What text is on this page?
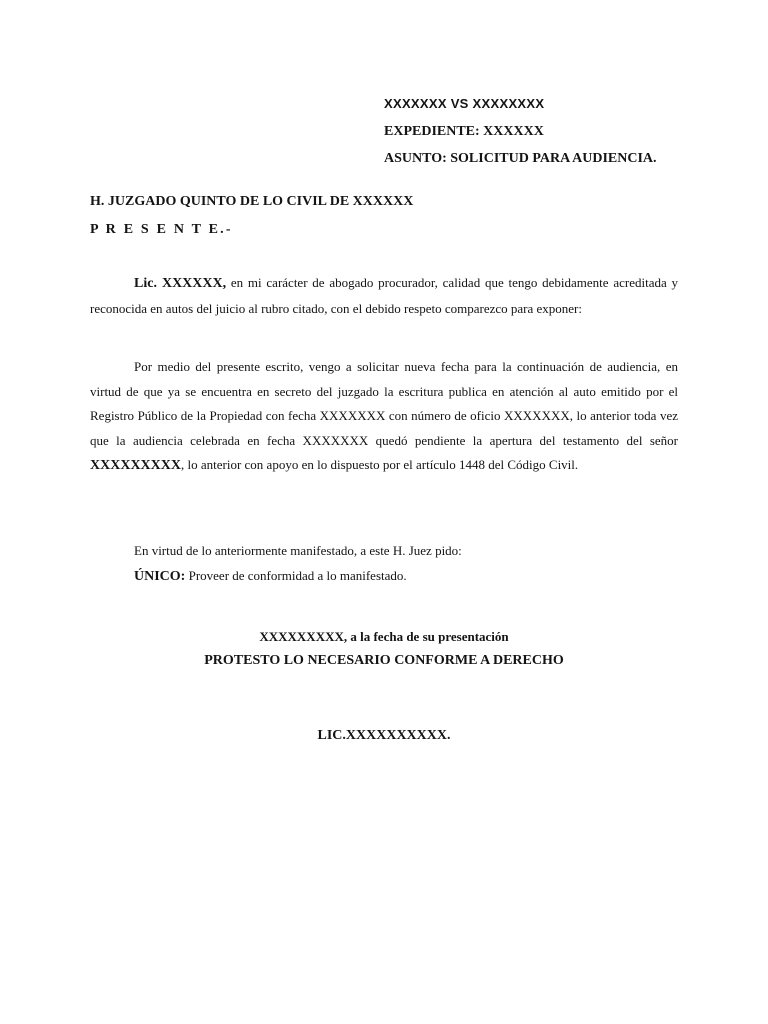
XXXXXXX VS XXXXXXXX
EXPEDIENTE: XXXXXX
ASUNTO: SOLICITUD PARA AUDIENCIA.
H. JUZGADO QUINTO DE LO CIVIL DE XXXXXX
P R E S E N T E.-

Lic. XXXXXX, en mi carácter de abogado procurador, calidad que tengo debidamente acreditada y reconocida en autos del juicio al rubro citado, con el debido respeto comparezco para exponer:

Por medio del presente escrito, vengo a solicitar nueva fecha para la continuación de audiencia, en virtud de que ya se encuentra en secreto del juzgado la escritura publica en atención al auto emitido por el Registro Público de la Propiedad con fecha XXXXXXX con número de oficio XXXXXXX, lo anterior toda vez que la audiencia celebrada en fecha XXXXXXX quedó pendiente la apertura del testamento del señor XXXXXXXXX, lo anterior con apoyo en lo dispuesto por el artículo 1448 del Código Civil.

En virtud de lo anteriormente manifestado, a este H. Juez pido:

ÚNICO: Proveer de conformidad a lo manifestado.

XXXXXXXXX, a la fecha de su presentación
PROTESTO LO NECESARIO CONFORME A DERECHO
LIC.XXXXXXXXXX.
